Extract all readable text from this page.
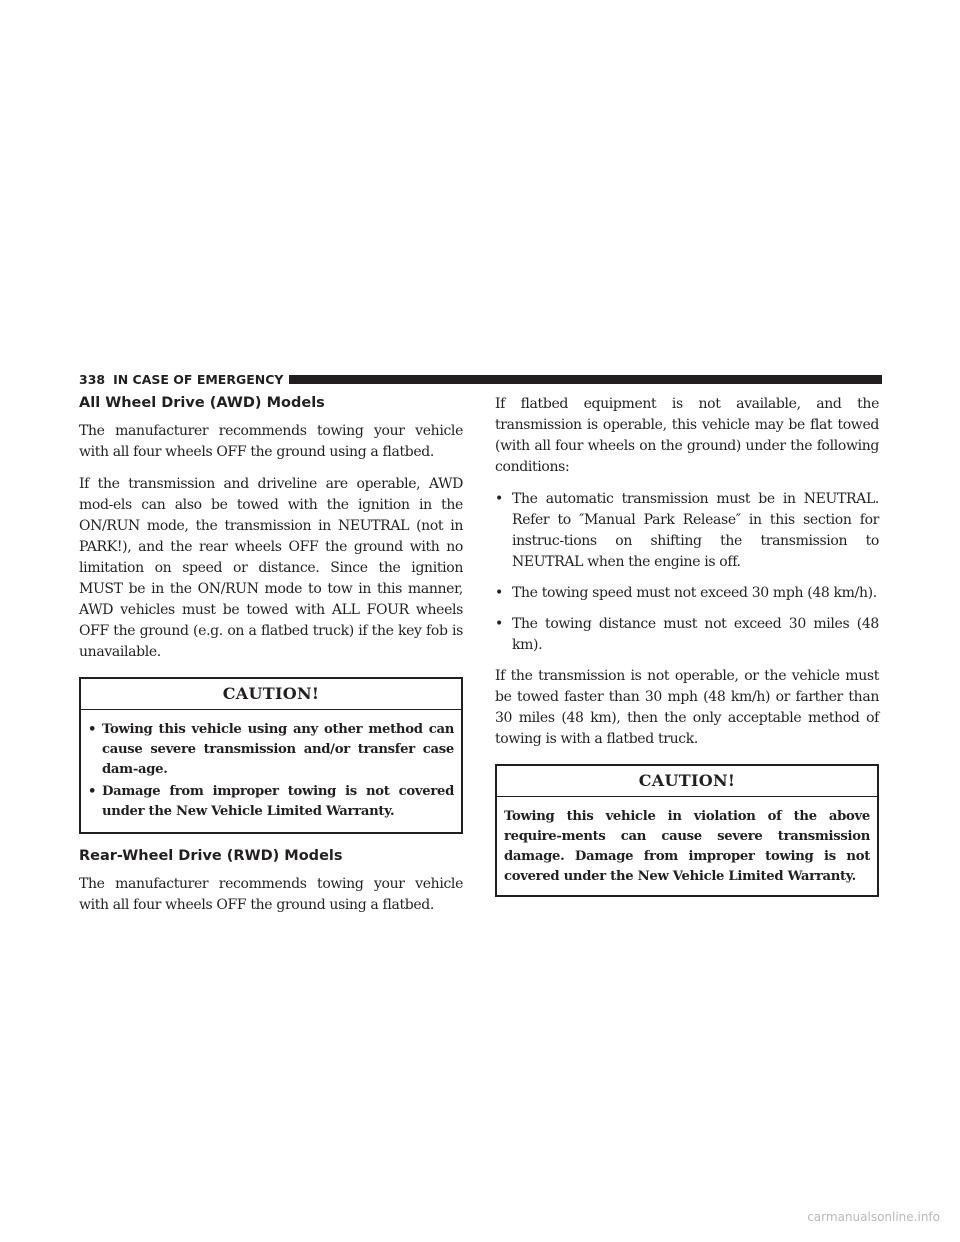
338 IN CASE OF EMERGENCY
All Wheel Drive (AWD) Models

The manufacturer recommends towing your vehicle with all four wheels OFF the ground using a flatbed.

If the transmission and driveline are operable, AWD mod-els can also be towed with the ignition in the ON/RUN mode, the transmission in NEUTRAL (not in PARK!), and the rear wheels OFF the ground with no limitation on speed or distance. Since the ignition MUST be in the ON/RUN mode to tow in this manner, AWD vehicles must be towed with ALL FOUR wheels OFF the ground (e.g. on a flatbed truck) if the key fob is unavailable.

CAUTION!
• Towing this vehicle using any other method can cause severe transmission and/or transfer case dam-age.
• Damage from improper towing is not covered under the New Vehicle Limited Warranty.
Rear-Wheel Drive (RWD) Models

The manufacturer recommends towing your vehicle with all four wheels OFF the ground using a flatbed.

If flatbed equipment is not available, and the transmission is operable, this vehicle may be flat towed (with all four wheels on the ground) under the following conditions:

• The automatic transmission must be in NEUTRAL. Refer to ″Manual Park Release″ in this section for instruc-tions on shifting the transmission to NEUTRAL when the engine is off.
• The towing speed must not exceed 30 mph (48 km/h).
• The towing distance must not exceed 30 miles (48 km).

If the transmission is not operable, or the vehicle must be towed faster than 30 mph (48 km/h) or farther than 30 miles (48 km), then the only acceptable method of towing is with a flatbed truck.

CAUTION!

Towing this vehicle in violation of the above require-ments can cause severe transmission damage. Damage from improper towing is not covered under the New Vehicle Limited Warranty.

carmanualsonline.info
